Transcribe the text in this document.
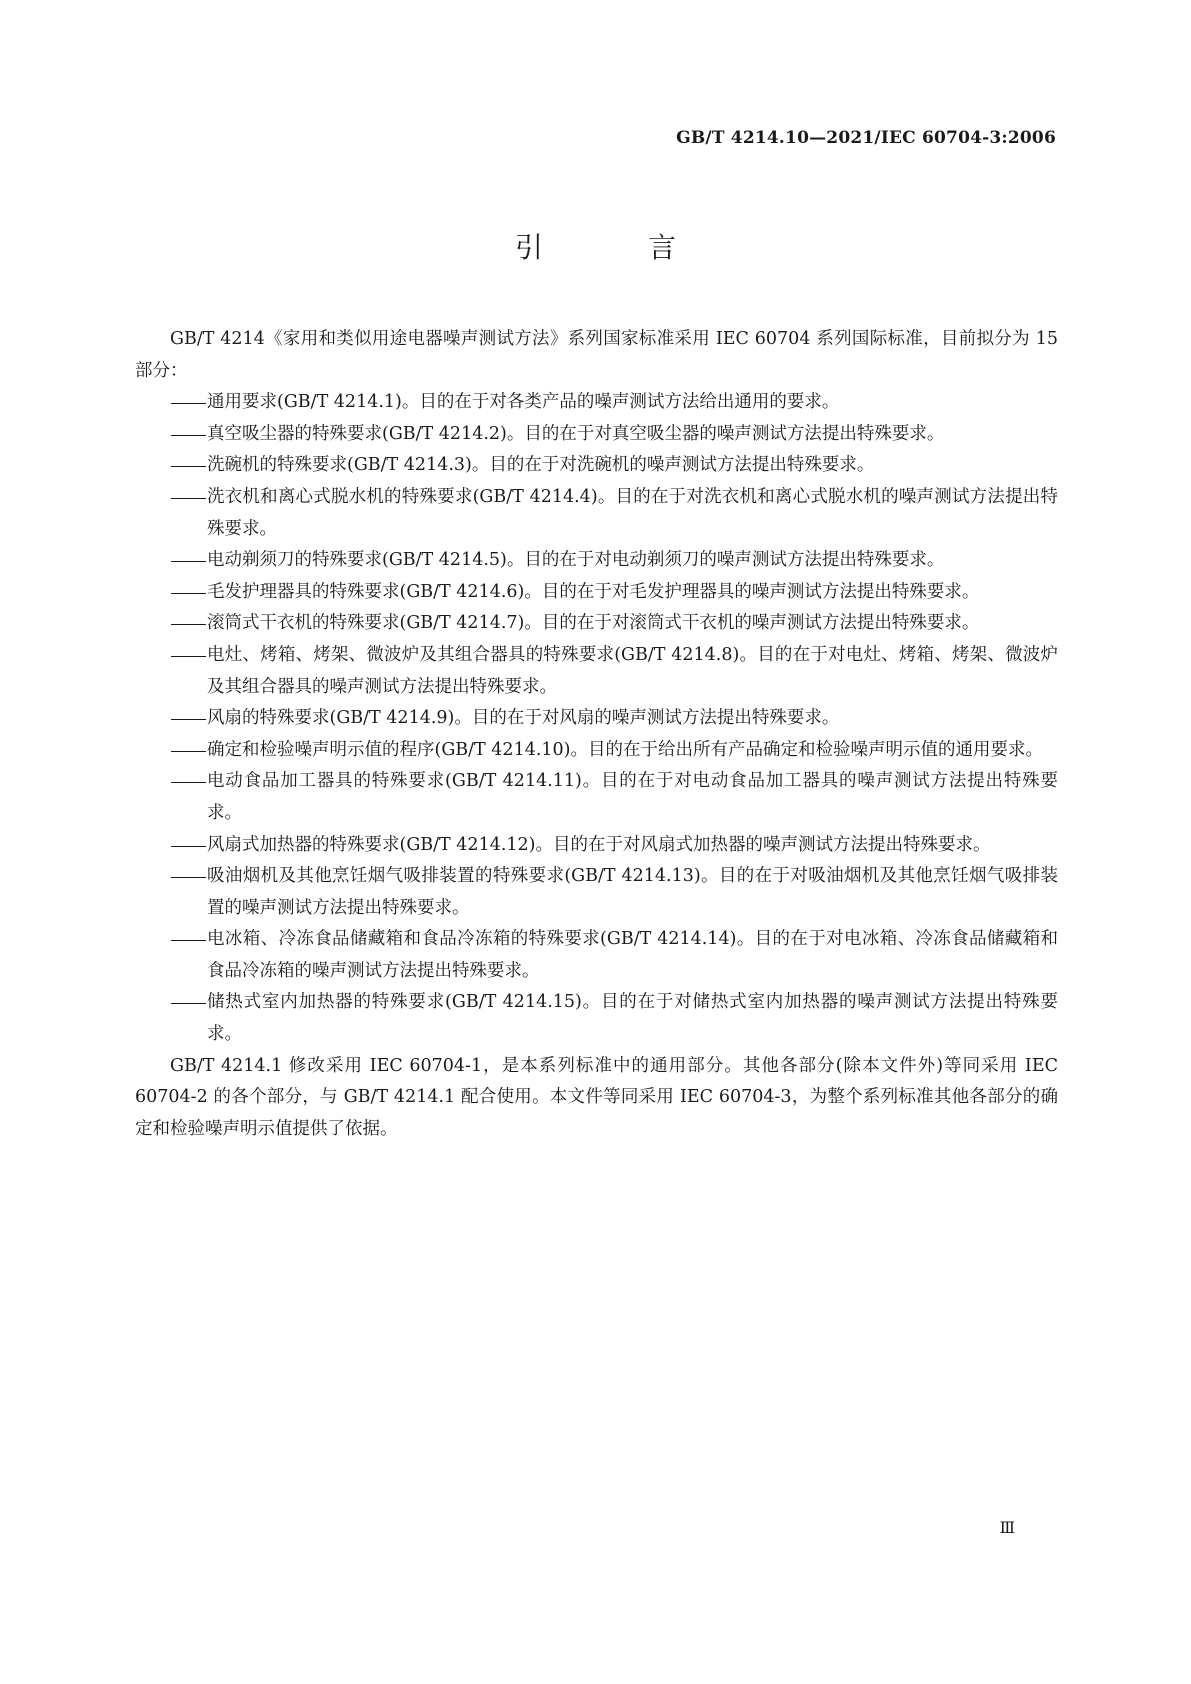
GB/T 4214.10—2021/IEC 60704-3:2006
引 言

GB/T 4214《家用和类似用途电器噪声测试方法》系列国家标准采用 IEC 60704 系列国际标准，目前拟分为 15 部分：

通用要求(GB/T 4214.1)。目的在于对各类产品的噪声测试方法给出通用的要求。
真空吸尘器的特殊要求(GB/T 4214.2)。目的在于对真空吸尘器的噪声测试方法提出特殊要求。
洗碗机的特殊要求(GB/T 4214.3)。目的在于对洗碗机的噪声测试方法提出特殊要求。
洗衣机和离心式脱水机的特殊要求(GB/T 4214.4)。目的在于对洗衣机和离心式脱水机的噪声测试方法提出特殊要求。
电动剃须刀的特殊要求(GB/T 4214.5)。目的在于对电动剃须刀的噪声测试方法提出特殊要求。
毛发护理器具的特殊要求(GB/T 4214.6)。目的在于对毛发护理器具的噪声测试方法提出特殊要求。
滚筒式干衣机的特殊要求(GB/T 4214.7)。目的在于对滚筒式干衣机的噪声测试方法提出特殊要求。
电灶、烤箱、烤架、微波炉及其组合器具的特殊要求(GB/T 4214.8)。目的在于对电灶、烤箱、烤架、微波炉及其组合器具的噪声测试方法提出特殊要求。
风扇的特殊要求(GB/T 4214.9)。目的在于对风扇的噪声测试方法提出特殊要求。
确定和检验噪声明示值的程序(GB/T 4214.10)。目的在于给出所有产品确定和检验噪声明示值的通用要求。
电动食品加工器具的特殊要求(GB/T 4214.11)。目的在于对电动食品加工器具的噪声测试方法提出特殊要求。
风扇式加热器的特殊要求(GB/T 4214.12)。目的在于对风扇式加热器的噪声测试方法提出特殊要求。
吸油烟机及其他烹饪烟气吸排装置的特殊要求(GB/T 4214.13)。目的在于对吸油烟机及其他烹饪烟气吸排装置的噪声测试方法提出特殊要求。
电冰箱、冷冻食品储藏箱和食品冷冻箱的特殊要求(GB/T 4214.14)。目的在于对电冰箱、冷冻食品储藏箱和食品冷冻箱的噪声测试方法提出特殊要求。
储热式室内加热器的特殊要求(GB/T 4214.15)。目的在于对储热式室内加热器的噪声测试方法提出特殊要求。

GB/T 4214.1 修改采用 IEC 60704-1，是本系列标准中的通用部分。其他各部分(除本文件外)等同采用 IEC 60704-2 的各个部分，与 GB/T 4214.1 配合使用。本文件等同采用 IEC 60704-3，为整个系列标准其他各部分的确定和检验噪声明示值提供了依据。

Ⅲ
